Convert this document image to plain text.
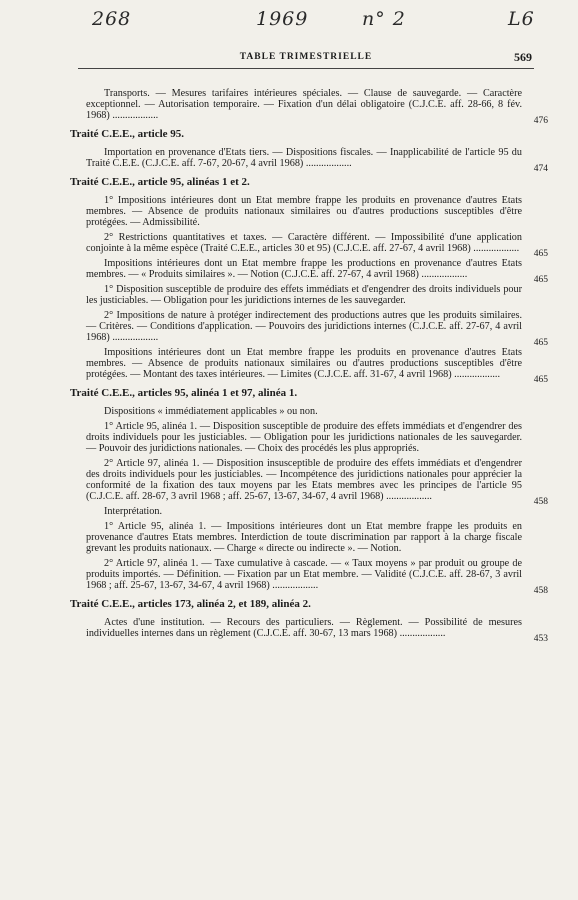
268	1969	n° 2	L6
TABLE TRIMESTRIELLE	569

Transports. — Mesures tarifaires intérieures spéciales. — Clause de sauvegarde. — Caractère exceptionnel. — Autorisation temporaire. — Fixation d'un délai obligatoire (C.J.C.E. aff. 28-66, 8 fév. 1968) ..................	476
Traité C.E.E., article 95.

Importation en provenance d'Etats tiers. — Dispositions fiscales. — Inapplicabilité de l'article 95 du Traité C.E.E. (C.J.C.E. aff. 7-67, 20-67, 4 avril 1968) ..................	474
Traité C.E.E., article 95, alinéas 1 et 2.

1° Impositions intérieures dont un Etat membre frappe les produits en provenance d'autres Etats membres. — Absence de produits nationaux similaires ou d'autres productions susceptibles d'être protégées. — Admissibilité.

2° Restrictions quantitatives et taxes. — Caractère différent. — Impossibilité d'une application conjointe à la même espèce (Traité C.E.E., articles 30 et 95) (C.J.C.E. aff. 27-67, 4 avril 1968) .................. 465

Impositions intérieures dont un Etat membre frappe les productions en provenance d'autres Etats membres. — « Produits similaires ». — Notion (C.J.C.E. aff. 27-67, 4 avril 1968) ..................	465

1° Disposition susceptible de produire des effets immédiats et d'engendrer des droits individuels pour les justiciables. — Obligation pour les juridictions internes de les sauvegarder.

2° Impositions de nature à protéger indirectement des productions autres que les produits similaires. — Critères. — Conditions d'application. — Pouvoirs des juridictions internes (C.J.C.E. aff. 27-67, 4 avril 1968) ..................	465

Impositions intérieures dont un Etat membre frappe les produits en provenance d'autres Etats membres. — Absence de produits nationaux similaires ou d'autres productions susceptibles d'être protégées. — Montant des taxes intérieures. — Limites (C.J.C.E. aff. 31-67, 4 avril 1968) ..................	465
Traité C.E.E., articles 95, alinéa 1 et 97, alinéa 1.

Dispositions « immédiatement applicables » ou non.

1° Article 95, alinéa 1. — Disposition susceptible de produire des effets immédiats et d'engendrer des droits individuels pour les justiciables. — Obligation pour les juridictions nationales de les sauvegarder. — Pouvoir des juridictions nationales. — Choix des procédés les plus appropriés.

2° Article 97, alinéa 1. — Disposition insusceptible de produire des effets immédiats et d'engendrer des droits individuels pour les justiciables. — Incompétence des juridictions nationales pour apprécier la conformité de la fixation des taux moyens par les Etats membres avec les principes de l'article 95 (C.J.C.E. aff. 28-67, 3 avril 1968 ; aff. 25-67, 13-67, 34-67, 4 avril 1968) ..................	458

Interprétation.

1° Article 95, alinéa 1. — Impositions intérieures dont un Etat membre frappe les produits en provenance d'autres Etats membres. Interdiction de toute discrimination par rapport à la charge fiscale grevant les produits nationaux. — Charge « directe ou indirecte ». — Notion.

2° Article 97, alinéa 1. — Taxe cumulative à cascade. — « Taux moyens » par produit ou groupe de produits importés. — Définition. — Fixation par un Etat membre. — Validité (C.J.C.E. aff. 28-67, 3 avril 1968 ; aff. 25-67, 13-67, 34-67, 4 avril 1968) ..................	458
Traité C.E.E., articles 173, alinéa 2, et 189, alinéa 2.

Actes d'une institution. — Recours des particuliers. — Règlement. — Possibilité de mesures individuelles internes dans un règlement (C.J.C.E. aff. 30-67, 13 mars 1968) ..................	453
